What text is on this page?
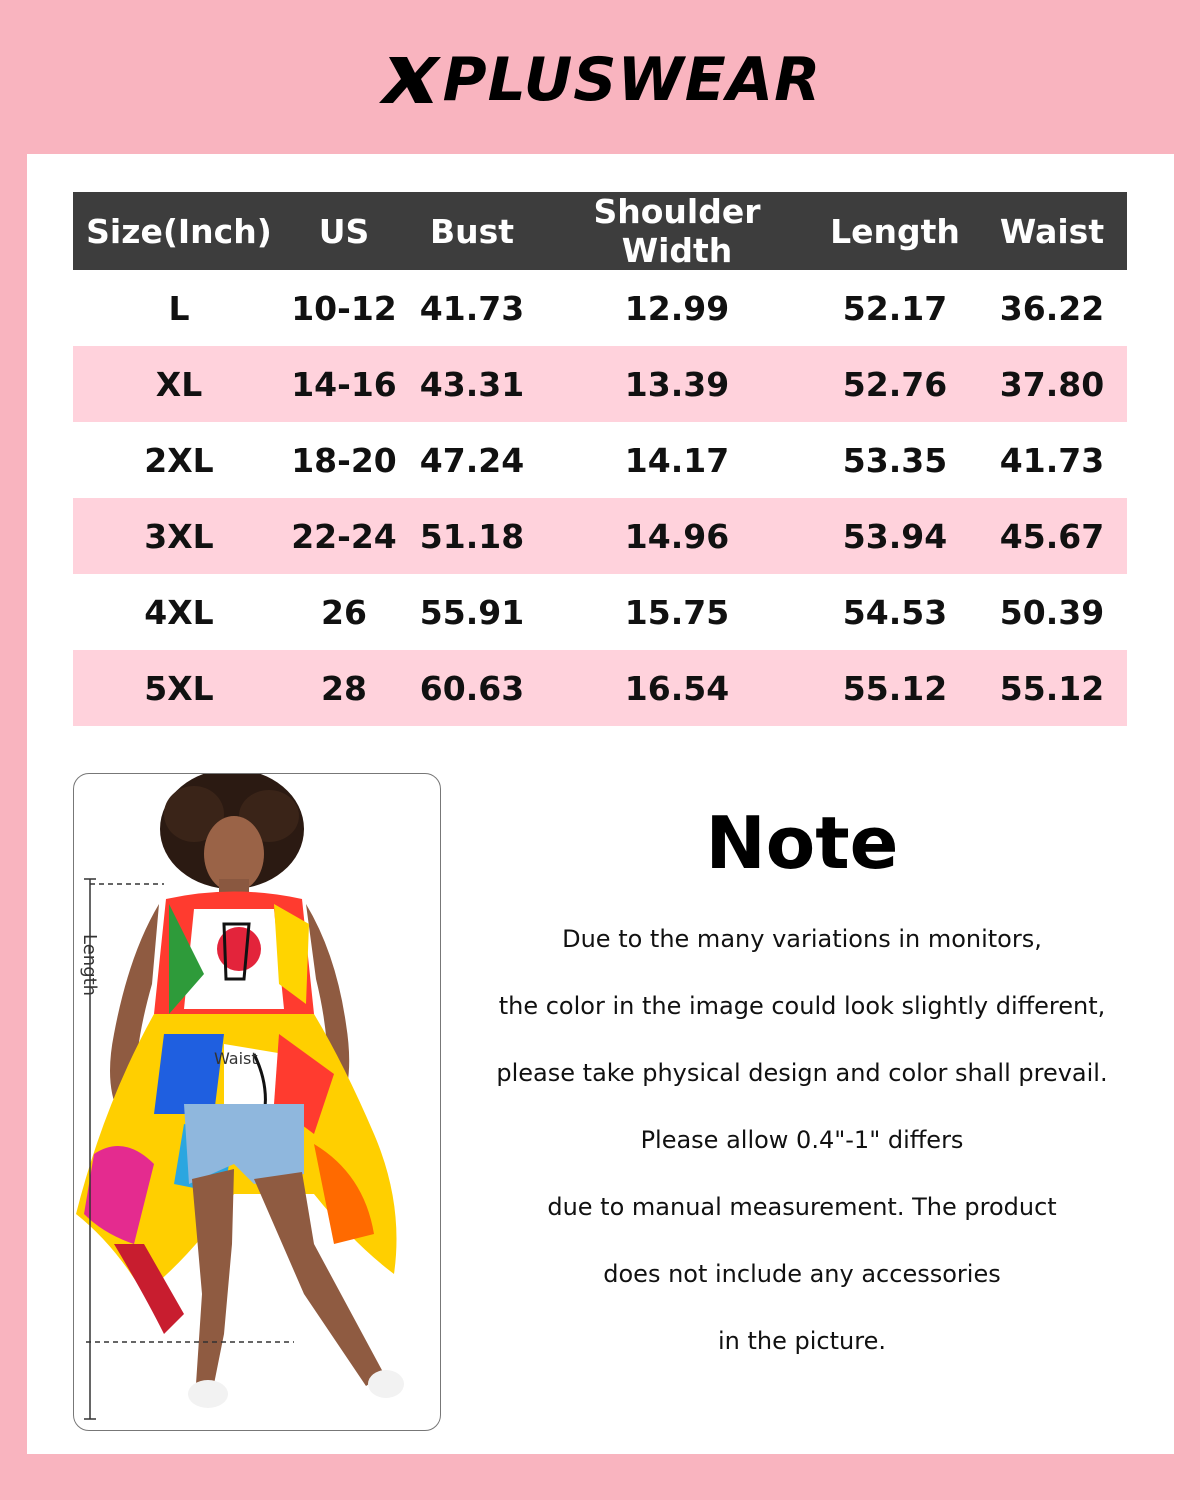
PLUSWEAR
Size(Inch)	US	Bust	Shoulder Width	Length	Waist
L	10-12	41.73	12.99	52.17	36.22
XL	14-16	43.31	13.39	52.76	37.80
2XL	18-20	47.24	14.17	53.35	41.73
3XL	22-24	51.18	14.96	53.94	45.67
4XL	26	55.91	15.75	54.53	50.39
5XL	28	60.63	16.54	55.12	55.12
Length
Waist
Note
Due to the many variations in monitors,
the color in the image could look slightly different,
please take physical design and color shall prevail.
Please allow 0.4"-1" differs
due to manual measurement. The product
does not include any accessories
in the picture.
